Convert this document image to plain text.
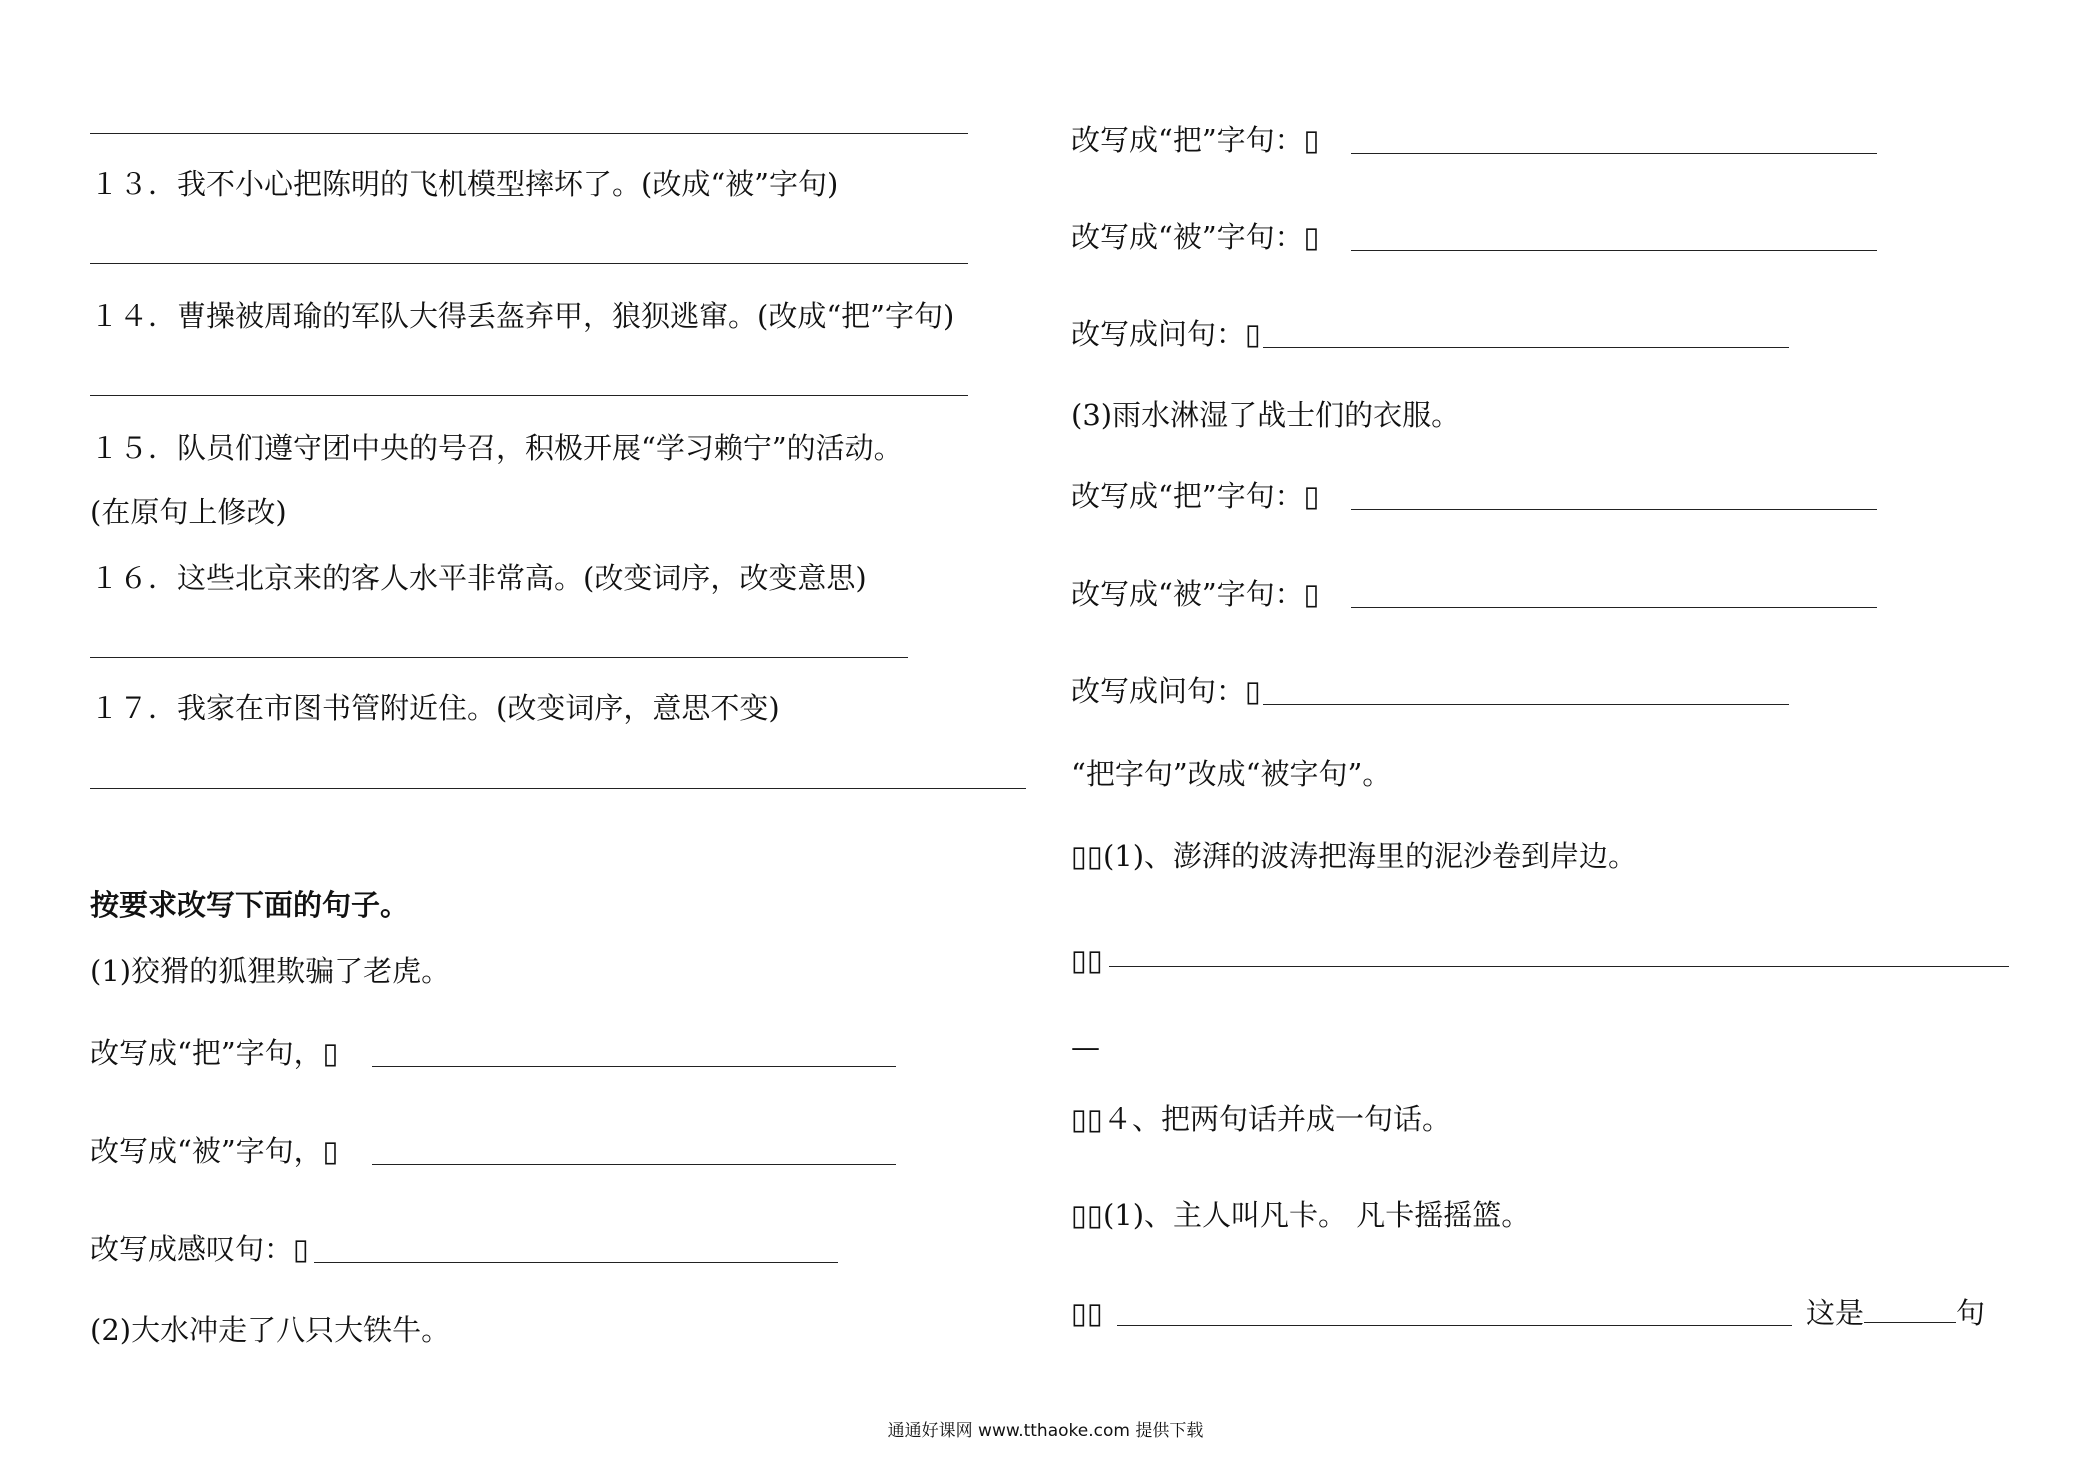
１３．我不小心把陈明的飞机模型摔坏了。(改成“被”字句)
１４．曹操被周瑜的军队大得丢盔弃甲，狼狈逃窜。(改成“把”字句)
１５．队员们遵守团中央的号召，积极开展“学习赖宁”的活动。
(在原句上修改)
１６．这些北京来的客人水平非常高。(改变词序，改变意思)
１７．我家在市图书管附近住。(改变词序，意思不变)
按要求改写下面的句子。
(1)狡猾的狐狸欺骗了老虎。
改写成“把”字句，▯
改写成“被”字句，▯
改写成感叹句：▯
(2)大水冲走了八只大铁牛。
改写成“把”字句：▯
改写成“被”字句：▯
改写成问句：▯
(3)雨水淋湿了战士们的衣服。
改写成“把”字句：▯
改写成“被”字句：▯
改写成问句：▯
“把字句”改成“被字句”。
▯▯(1)、澎湃的波涛把海里的泥沙卷到岸边。
▯▯
—
▯▯４、把两句话并成一句话。
▯▯(1)、主人叫凡卡。 凡卡摇摇篮。
▯▯	这是	句
通通好课网 www.tthaoke.com 提供下载
